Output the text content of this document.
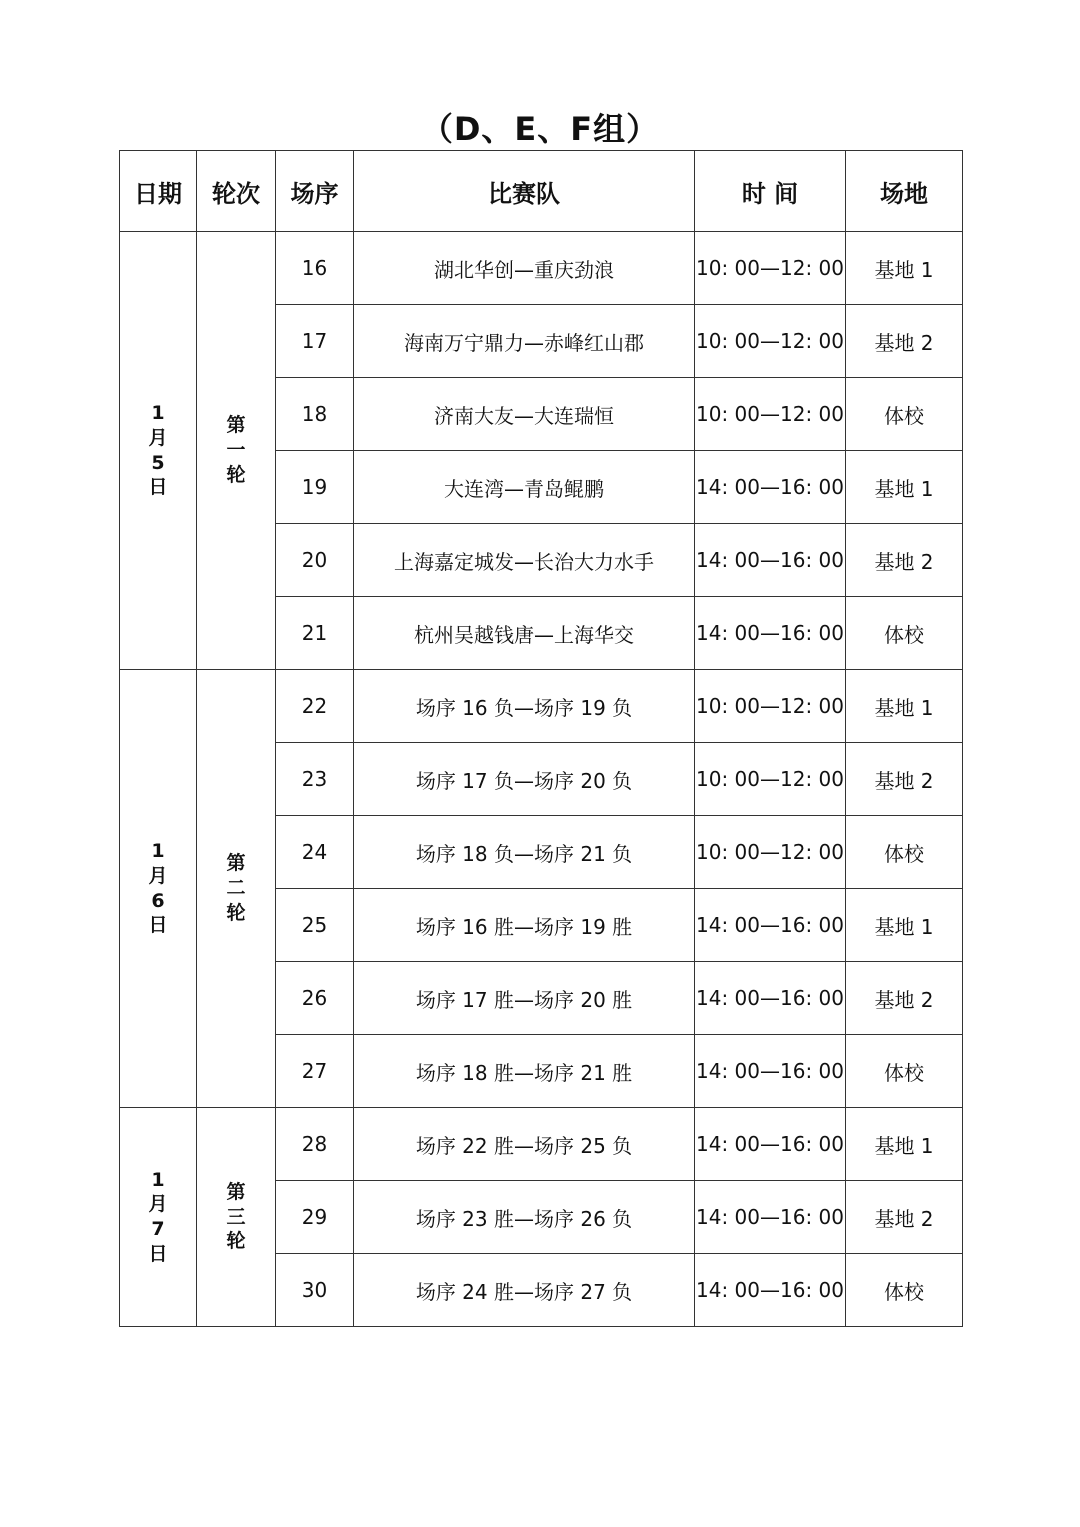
（D、E、F组）
日期	轮次	场序	比赛队	时 间	场地

1
月
5
日	第
一
轮	16	湖北华创—重庆劲浪	10: 00—12: 00	基地 1
		17	海南万宁鼎力—赤峰红山郡	10: 00—12: 00	基地 2
		18	济南大友—大连瑞恒	10: 00—12: 00	体校
		19	大连湾—青岛鲲鹏	14: 00—16: 00	基地 1
		20	上海嘉定城发—长治大力水手	14: 00—16: 00	基地 2
		21	杭州吴越钱唐—上海华交	14: 00—16: 00	体校

1
月
6
日	第
二
轮	22	场序 16 负—场序 19 负	10: 00—12: 00	基地 1
		23	场序 17 负—场序 20 负	10: 00—12: 00	基地 2
		24	场序 18 负—场序 21 负	10: 00—12: 00	体校
		25	场序 16 胜—场序 19 胜	14: 00—16: 00	基地 1
		26	场序 17 胜—场序 20 胜	14: 00—16: 00	基地 2
		27	场序 18 胜—场序 21 胜	14: 00—16: 00	体校

1
月
7
日	第
三
轮	28	场序 22 胜—场序 25 负	14: 00—16: 00	基地 1
		29	场序 23 胜—场序 26 负	14: 00—16: 00	基地 2
		30	场序 24 胜—场序 27 负	14: 00—16: 00	体校
